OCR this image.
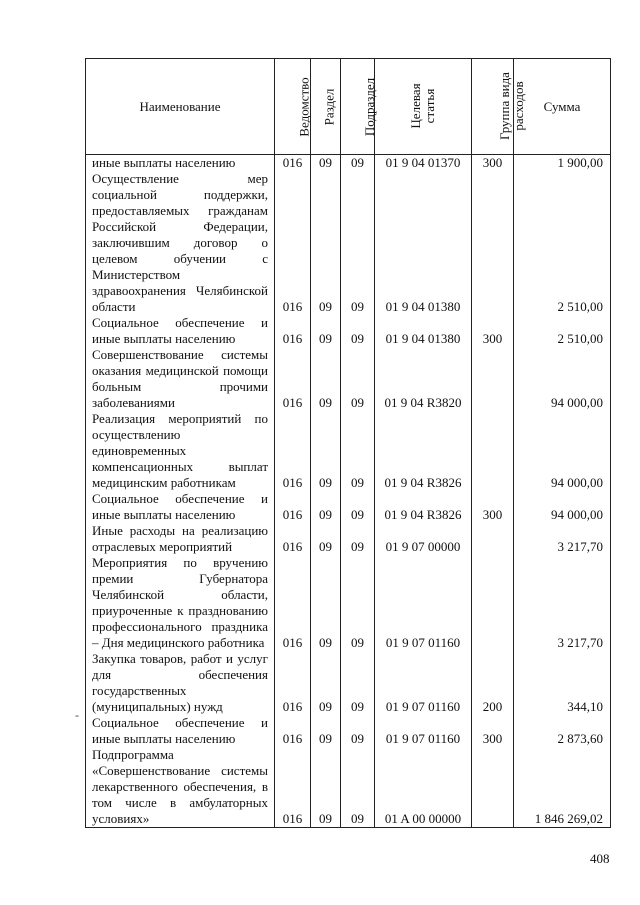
Наименование	Ведомство	Раздел	Подраздел	Целевая статья	Группа вида расходов	Сумма
иные выплаты населению	016	09	09	01 9 04 01370	300	1 900,00
Осуществление мер социальной поддержки, предоставляемых гражданам Российской Федерации, заключившим договор о целевом обучении с Министерством здравоохранения Челябинской области	016	09	09	01 9 04 01380		2 510,00
Социальное обеспечение и иные выплаты населению	016	09	09	01 9 04 01380	300	2 510,00
Совершенствование системы оказания медицинской помощи больным прочими заболеваниями	016	09	09	01 9 04 R3820		94 000,00
Реализация мероприятий по осуществлению единовременных компенсационных выплат медицинским работникам	016	09	09	01 9 04 R3826		94 000,00
Социальное обеспечение и иные выплаты населению	016	09	09	01 9 04 R3826	300	94 000,00
Иные расходы на реализацию отраслевых мероприятий	016	09	09	01 9 07 00000		3 217,70
Мероприятия по вручению премии Губернатора Челябинской области, приуроченные к празднованию профессионального праздника – Дня медицинского работника	016	09	09	01 9 07 01160		3 217,70
Закупка товаров, работ и услуг для обеспечения государственных (муниципальных) нужд	016	09	09	01 9 07 01160	200	344,10
Социальное обеспечение и иные выплаты населению	016	09	09	01 9 07 01160	300	2 873,60
Подпрограмма «Совершенствование системы лекарственного обеспечения, в том числе в амбулаторных условиях»	016	09	09	01 A 00 00000		1 846 269,02
-
408
